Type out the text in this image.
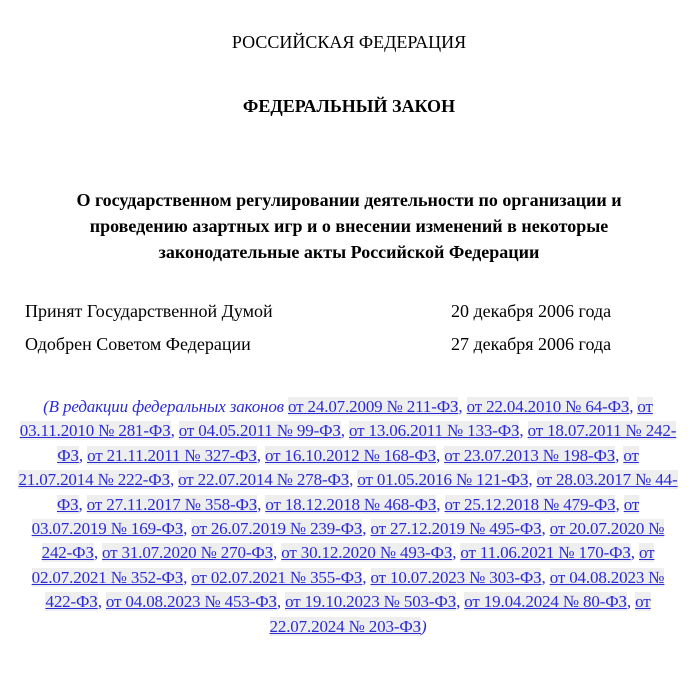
РОССИЙСКАЯ ФЕДЕРАЦИЯ
ФЕДЕРАЛЬНЫЙ ЗАКОН
О государственном регулировании деятельности по организации и
проведению азартных игр и о внесении изменений в некоторые
законодательные акты Российской Федерации
Принят Государственной Думой	20 декабря 2006 года
Одобрен Советом Федерации	27 декабря 2006 года
(В редакции федеральных законов от 24.07.2009 № 211-ФЗ, от 22.04.2010 № 64-ФЗ, от 03.11.2010 № 281-ФЗ, от 04.05.2011 № 99-ФЗ, от 13.06.2011 № 133-ФЗ, от 18.07.2011 № 242-ФЗ, от 21.11.2011 № 327-ФЗ, от 16.10.2012 № 168-ФЗ, от 23.07.2013 № 198-ФЗ, от 21.07.2014 № 222-ФЗ, от 22.07.2014 № 278-ФЗ, от 01.05.2016 № 121-ФЗ, от 28.03.2017 № 44-ФЗ, от 27.11.2017 № 358-ФЗ, от 18.12.2018 № 468-ФЗ, от 25.12.2018 № 479-ФЗ, от 03.07.2019 № 169-ФЗ, от 26.07.2019 № 239-ФЗ, от 27.12.2019 № 495-ФЗ, от 20.07.2020 № 242-ФЗ, от 31.07.2020 № 270-ФЗ, от 30.12.2020 № 493-ФЗ, от 11.06.2021 № 170-ФЗ, от 02.07.2021 № 352-ФЗ, от 02.07.2021 № 355-ФЗ, от 10.07.2023 № 303-ФЗ, от 04.08.2023 № 422-ФЗ, от 04.08.2023 № 453-ФЗ, от 19.10.2023 № 503-ФЗ, от 19.04.2024 № 80-ФЗ, от 22.07.2024 № 203-ФЗ)
